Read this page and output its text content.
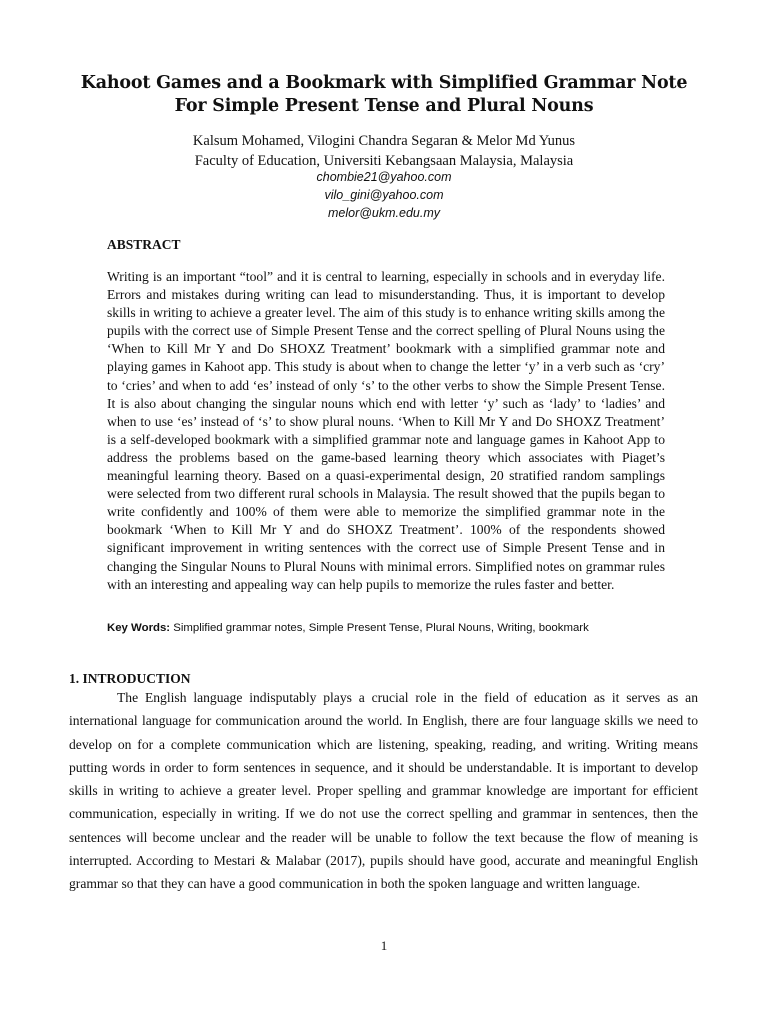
Kahoot Games and a Bookmark with Simplified Grammar Note
For Simple Present Tense and Plural Nouns
Kalsum Mohamed, Vilogini Chandra Segaran & Melor Md Yunus
Faculty of Education, Universiti Kebangsaan Malaysia, Malaysia
chombie21@yahoo.com
vilo_gini@yahoo.com
melor@ukm.edu.my
ABSTRACT

Writing is an important “tool” and it is central to learning, especially in schools and in everyday life. Errors and mistakes during writing can lead to misunderstanding. Thus, it is important to develop skills in writing to achieve a greater level. The aim of this study is to enhance writing skills among the pupils with the correct use of Simple Present Tense and the correct spelling of Plural Nouns using the ‘When to Kill Mr Y and Do SHOXZ Treatment’ bookmark with a simplified grammar note and playing games in Kahoot app. This study is about when to change the letter ‘y’ in a verb such as ‘cry’ to ‘cries’ and when to add ‘es’ instead of only ‘s’ to the other verbs to show the Simple Present Tense. It is also about changing the singular nouns which end with letter ‘y’ such as ‘lady’ to ‘ladies’ and when to use ‘es’ instead of ‘s’ to show plural nouns. ‘When to Kill Mr Y and Do SHOXZ Treatment’ is a self-developed bookmark with a simplified grammar note and language games in Kahoot App to address the problems based on the game-based learning theory which associates with Piaget’s meaningful learning theory. Based on a quasi-experimental design, 20 stratified random samplings were selected from two different rural schools in Malaysia. The result showed that the pupils began to write confidently and 100% of them were able to memorize the simplified grammar note in the bookmark ‘When to Kill Mr Y and do SHOXZ Treatment’. 100% of the respondents showed significant improvement in writing sentences with the correct use of Simple Present Tense and in changing the Singular Nouns to Plural Nouns with minimal errors. Simplified notes on grammar rules with an interesting and appealing way can help pupils to memorize the rules faster and better.

Key Words: Simplified grammar notes, Simple Present Tense, Plural Nouns, Writing, bookmark
1. INTRODUCTION

The English language indisputably plays a crucial role in the field of education as it serves as an international language for communication around the world. In English, there are four language skills we need to develop on for a complete communication which are listening, speaking, reading, and writing. Writing means putting words in order to form sentences in sequence, and it should be understandable. It is important to develop skills in writing to achieve a greater level. Proper spelling and grammar knowledge are important for efficient communication, especially in writing. If we do not use the correct spelling and grammar in sentences, then the sentences will become unclear and the reader will be unable to follow the text because the flow of meaning is interrupted. According to Mestari & Malabar (2017), pupils should have good, accurate and meaningful English grammar so that they can have a good communication in both the spoken language and written language.

1
